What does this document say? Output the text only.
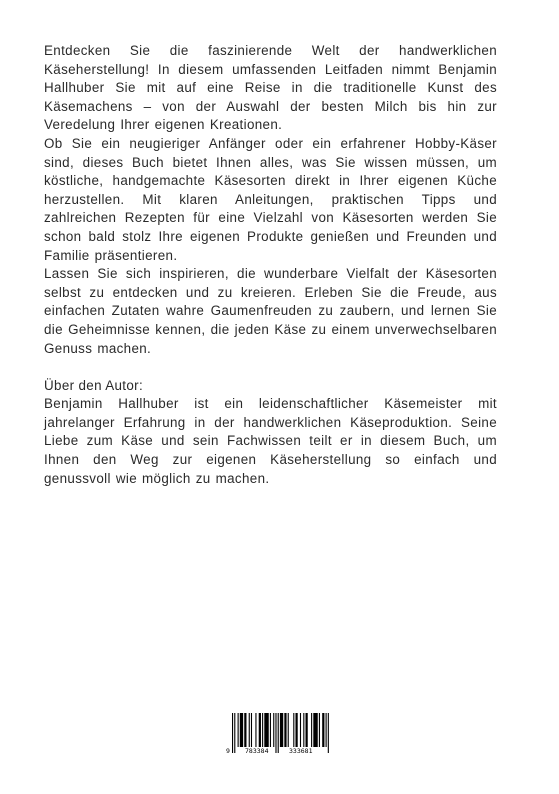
Entdecken Sie die faszinierende Welt der handwerklichen Käseherstellung! In diesem umfassenden Leitfaden nimmt Benjamin Hallhuber Sie mit auf eine Reise in die traditionelle Kunst des Käsemachens – von der Auswahl der besten Milch bis hin zur Veredelung Ihrer eigenen Kreationen.

Ob Sie ein neugieriger Anfänger oder ein erfahrener Hobby-Käser sind, dieses Buch bietet Ihnen alles, was Sie wissen müssen, um köstliche, handgemachte Käsesorten direkt in Ihrer eigenen Küche herzustellen. Mit klaren Anleitungen, praktischen Tipps und zahlreichen Rezepten für eine Vielzahl von Käsesorten werden Sie schon bald stolz Ihre eigenen Produkte genießen und Freunden und Familie präsentieren.

Lassen Sie sich inspirieren, die wunderbare Vielfalt der Käsesorten selbst zu entdecken und zu kreieren. Erleben Sie die Freude, aus einfachen Zutaten wahre Gaumenfreuden zu zaubern, und lernen Sie die Geheimnisse kennen, die jeden Käse zu einem unverwechselbaren Genuss machen.

Über den Autor:

Benjamin Hallhuber ist ein leidenschaftlicher Käsemeister mit jahrelanger Erfahrung in der handwerklichen Käseproduktion. Seine Liebe zum Käse und sein Fachwissen teilt er in diesem Buch, um Ihnen den Weg zur eigenen Käseherstellung so einfach und genussvoll wie möglich zu machen.

9 783384	333681
